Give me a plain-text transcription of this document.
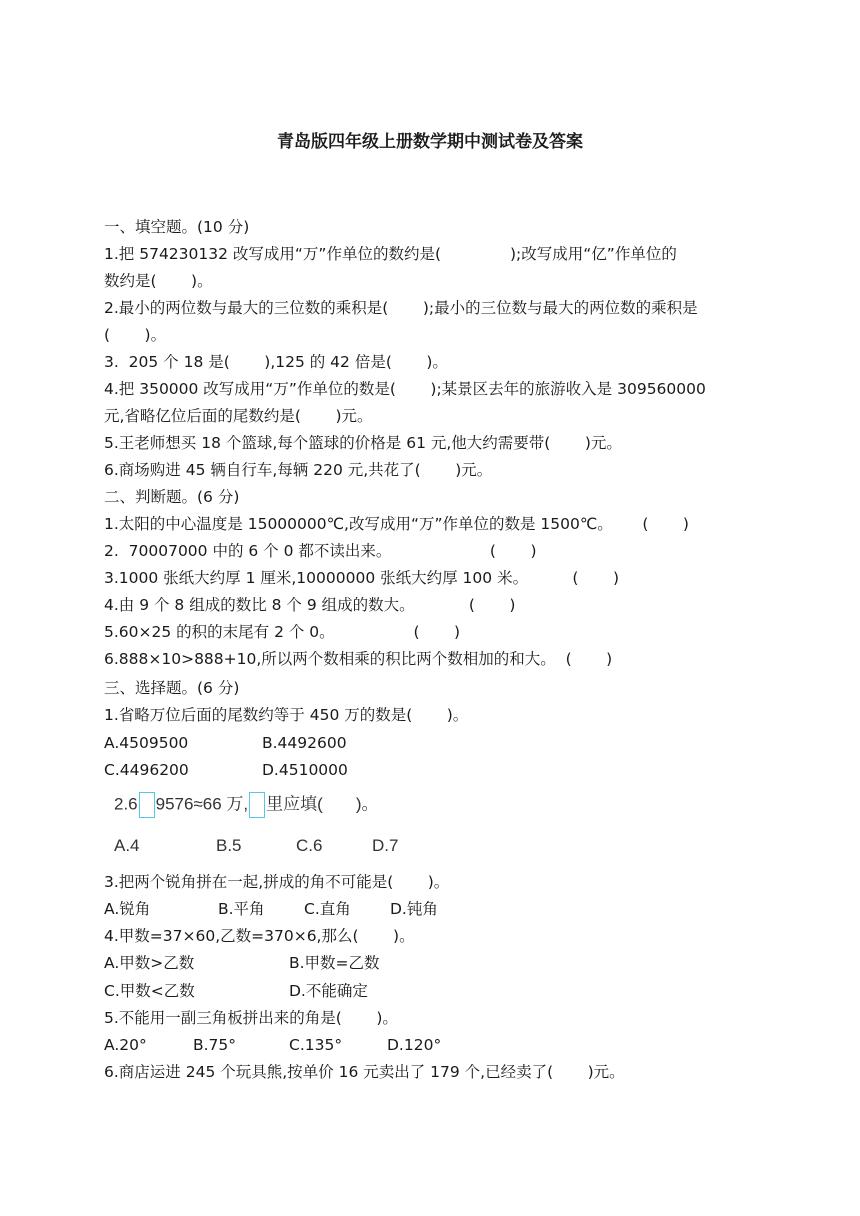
青岛版四年级上册数学期中测试卷及答案
一、填空题。(10 分)
1.把 574230132 改写成用“万”作单位的数约是(              );改写成用“亿”作单位的
数约是(       )。
2.最小的两位数与最大的三位数的乘积是(       );最小的三位数与最大的两位数的乘积是
(       )。
3.  205 个 18 是(       ),125 的 42 倍是(       )。
4.把 350000 改写成用“万”作单位的数是(       );某景区去年的旅游收入是 309560000
元,省略亿位后面的尾数约是(       )元。
5.王老师想买 18 个篮球,每个篮球的价格是 61 元,他大约需要带(       )元。
6.商场购进 45 辆自行车,每辆 220 元,共花了(       )元。
二、判断题。(6 分)
1.太阳的中心温度是 15000000℃,改写成用“万”作单位的数是 1500℃。      (       )
2.  70007000 中的 6 个 0 都不读出来。                    (       )
3.1000 张纸大约厚 1 厘米,10000000 张纸大约厚 100 米。         (       )
4.由 9 个 8 组成的数比 8 个 9 组成的数大。           (       )
5.60×25 的积的末尾有 2 个 0。                (       )
6.888×10>888+10,所以两个数相乘的积比两个数相加的和大。  (       )
三、选择题。(6 分)
1.省略万位后面的尾数约等于 450 万的数是(       )。
A.4509500	B.4492600
C.4496200	D.4510000
2.6 9576≈66 万, 里应填(       )。
A.4	B.5	C.6	D.7
3.把两个锐角拼在一起,拼成的角不可能是(       )。
A.锐角	B.平角	C.直角	D.钝角
4.甲数=37×60,乙数=370×6,那么(       )。
A.甲数>乙数	B.甲数=乙数
C.甲数<乙数	D.不能确定
5.不能用一副三角板拼出来的角是(       )。
A.20°	B.75°	C.135°	D.120°
6.商店运进 245 个玩具熊,按单价 16 元卖出了 179 个,已经卖了(       )元。
